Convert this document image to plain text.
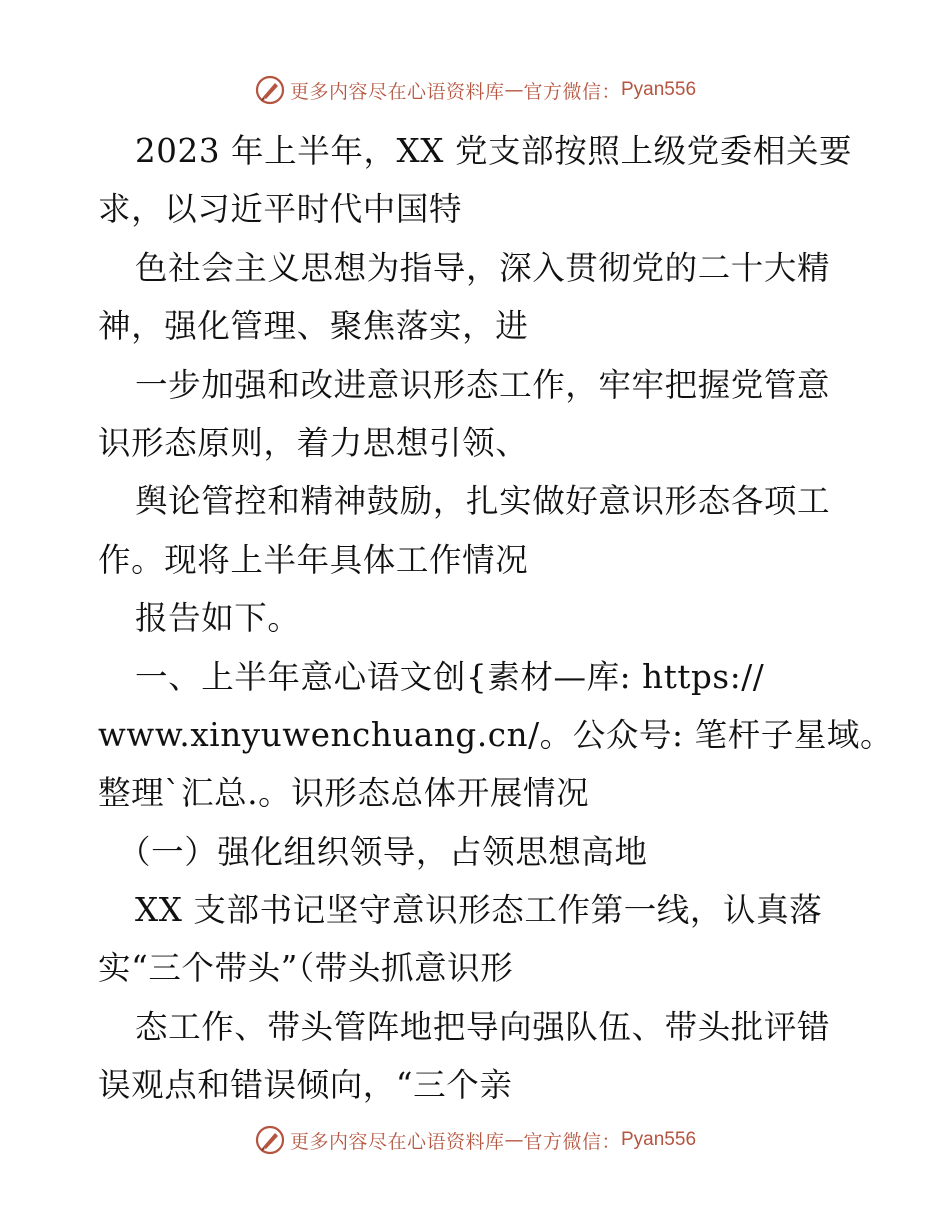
更多内容尽在心语资料库 — 官方微信： Pyan556
2023 年上半年，XX 党支部按照上级党委相关要
求，以习近平时代中国特
色社会主义思想为指导，深入贯彻党的二十大精
神，强化管理、聚焦落实，进
一步加强和改进意识形态工作，牢牢把握党管意
识形态原则，着力思想引领、
舆论管控和精神鼓励，扎实做好意识形态各项工
作。现将上半年具体工作情况
报告如下。
一、上半年意心语文创{素材—库: https://
www.xinyuwenchuang.cn/。公众号: 笔杆子星域。
整理`汇总.。识形态总体开展情况
（一）强化组织领导，占领思想高地
XX 支部书记坚守意识形态工作第一线，认真落
实“三个带头”（带头抓意识形
态工作、带头管阵地把导向强队伍、带头批评错
误观点和错误倾向，“三个亲
更多内容尽在心语资料库 — 官方微信： Pyan556
